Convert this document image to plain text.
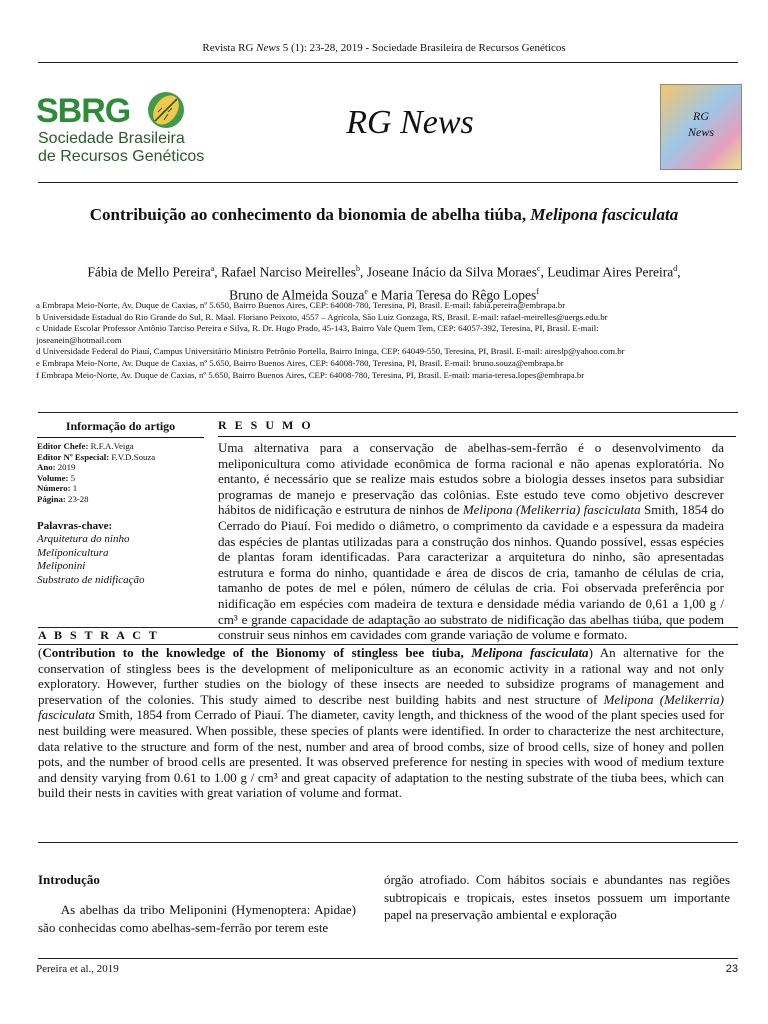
Revista RG News 5 (1): 23-28, 2019 - Sociedade Brasileira de Recursos Genéticos
SBRG
Sociedade Brasileira
de Recursos Genéticos
RG News	RG
News
Contribuição ao conhecimento da bionomia de abelha tiúba, Melipona fasciculata
Fábia de Mello Pereira$^a$, Rafael Narciso Meirelles$^b$, Joseane Inácio da Silva Moraes$^c$, Leudimar Aires Pereira$^d$,
Bruno de Almeida Souza$^e$ e Maria Teresa do Rêgo Lopes$^f$
a Embrapa Meio-Norte, Av. Duque de Caxias, nº 5.650, Bairro Buenos Aires, CEP: 64008-780, Teresina, PI, Brasil. E-mail: fabia.pereira@embrapa.br
b Universidade Estadual do Rio Grande do Sul, R. Maal. Floriano Peixoto, 4557 – Agrícola, São Luiz Gonzaga, RS, Brasil. E-mail: rafael-meirelles@uergs.edu.br
c Unidade Escolar Professor Antônio Tarciso Pereira e Silva, R. Dr. Hugo Prado, 45-143, Bairro Vale Quem Tem, CEP: 64057-392, Teresina, PI, Brasil. E-mail:
joseanein@hotmail.com
d Universidade Federal do Piauí, Campus Universitário Ministro Petrônio Portella, Bairro Ininga, CEP: 64049-550, Teresina, PI, Brasil. E-mail: aireslp@yahoo.com.br
e Embrapa Meio-Norte, Av. Duque de Caxias, nº 5.650, Bairro Buenos Aires, CEP: 64008-780, Teresina, PI, Brasil. E-mail: bruno.souza@embrapa.br
f Embrapa Meio-Norte, Av. Duque de Caxias, nº 5.650, Bairro Buenos Aires, CEP: 64008-780, Teresina, PI, Brasil. E-mail: maria-teresa.lopes@embrapa.br
Informação do artigo
Editor Chefe: R.F.A.Veiga
Editor Nº Especial: F.V.D.Souza
Ano: 2019
Volume: 5
Número: 1
Página: 23-28
Palavras-chave:
Arquitetura do ninho
Meliponicultura
Meliponini
Substrato de nidificação
R E S U M O
Uma alternativa para a conservação de abelhas-sem-ferrão é o desenvolvimento da meliponicultura como atividade econômica de forma racional e não apenas exploratória. No entanto, é necessário que se realize mais estudos sobre a biologia desses insetos para subsidiar programas de manejo e preservação das colônias. Este estudo teve como objetivo descrever hábitos de nidificação e estrutura de ninhos de Melipona (Melikerria) fasciculata Smith, 1854 do Cerrado do Piauí. Foi medido o diâmetro, o comprimento da cavidade e a espessura da madeira das espécies de plantas utilizadas para a construção dos ninhos. Quando possível, essas espécies de plantas foram identificadas. Para caracterizar a arquitetura do ninho, são apresentadas estrutura e forma do ninho, quantidade e área de discos de cria, tamanho de células de cria, tamanho de potes de mel e pólen, número de células de cria. Foi observada preferência por nidificação em espécies com madeira de textura e densidade média variando de 0,61 a 1,00 g / cm³ e grande capacidade de adaptação ao substrato de nidificação das abelhas tiúba, que podem construir seus ninhos em cavidades com grande variação de volume e formato.
A B S T R A C T
(Contribution to the knowledge of the Bionomy of stingless bee tiuba, Melipona fasciculata) An alternative for the conservation of stingless bees is the development of meliponiculture as an economic activity in a rational way and not only exploratory. However, further studies on the biology of these insects are needed to subsidize programs of management and preservation of the colonies. This study aimed to describe nest building habits and nest structure of Melipona (Melikerria) fasciculata Smith, 1854 from Cerrado of Piauí. The diameter, cavity length, and thickness of the wood of the plant species used for nest building were measured. When possible, these species of plants were identified. In order to characterize the nest architecture, data relative to the structure and form of the nest, number and area of brood combs, size of brood cells, size of honey and pollen pots, and the number of brood cells are presented. It was observed preference for nesting in species with wood of medium texture and density varying from 0.61 to 1.00 g / cm³ and great capacity of adaptation to the nesting substrate of the tiuba bees, which can build their nests in cavities with great variation of volume and format.
Introdução
As abelhas da tribo Meliponini (Hymenoptera: Apidae) são conhecidas como abelhas-sem-ferrão por terem este
órgão atrofiado. Com hábitos sociais e abundantes nas regiões subtropicais e tropicais, estes insetos possuem um importante papel na preservação ambiental e exploração
Pereira et al., 2019	23
